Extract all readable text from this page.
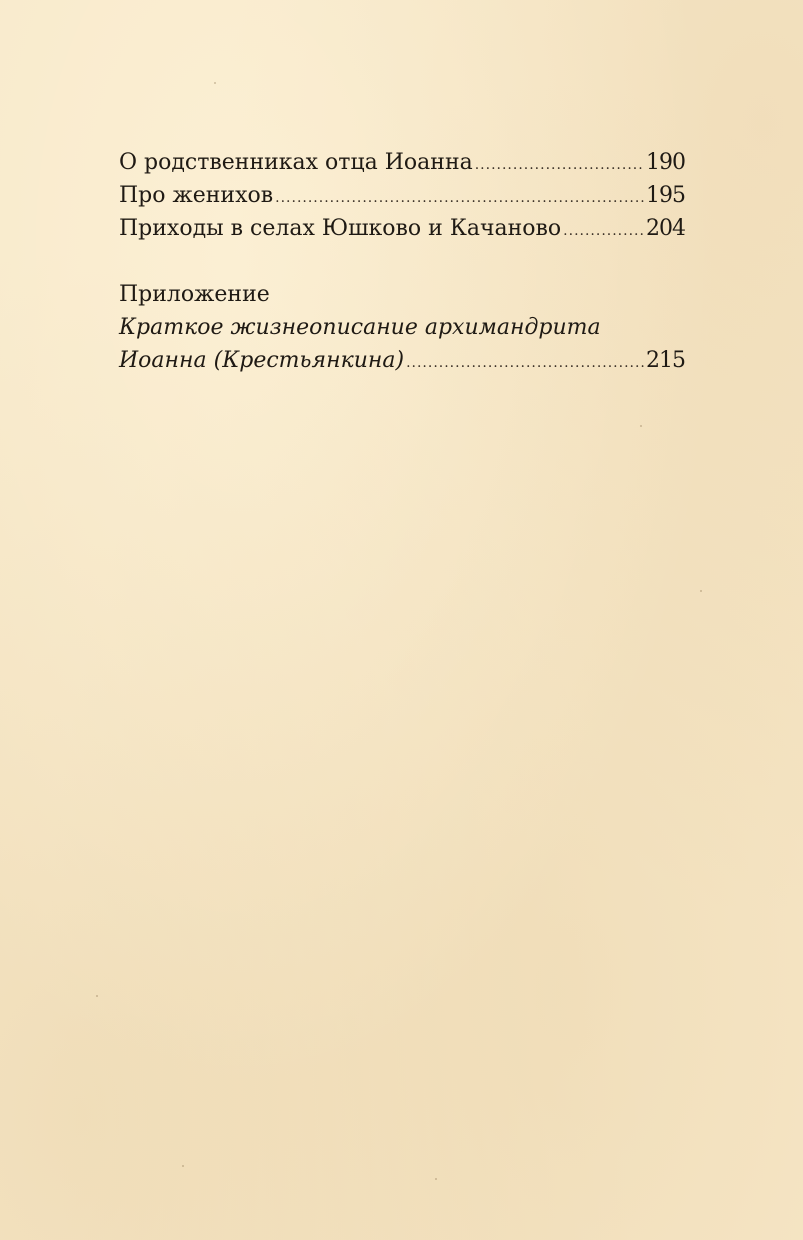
О родственниках отца Иоанна .....	190
Про женихов .....	195
Приходы в селах Юшково и Качаново .....	204
Приложение
Краткое жизнеописание архимандрита
Иоанна (Крестьянкина) .....	215
